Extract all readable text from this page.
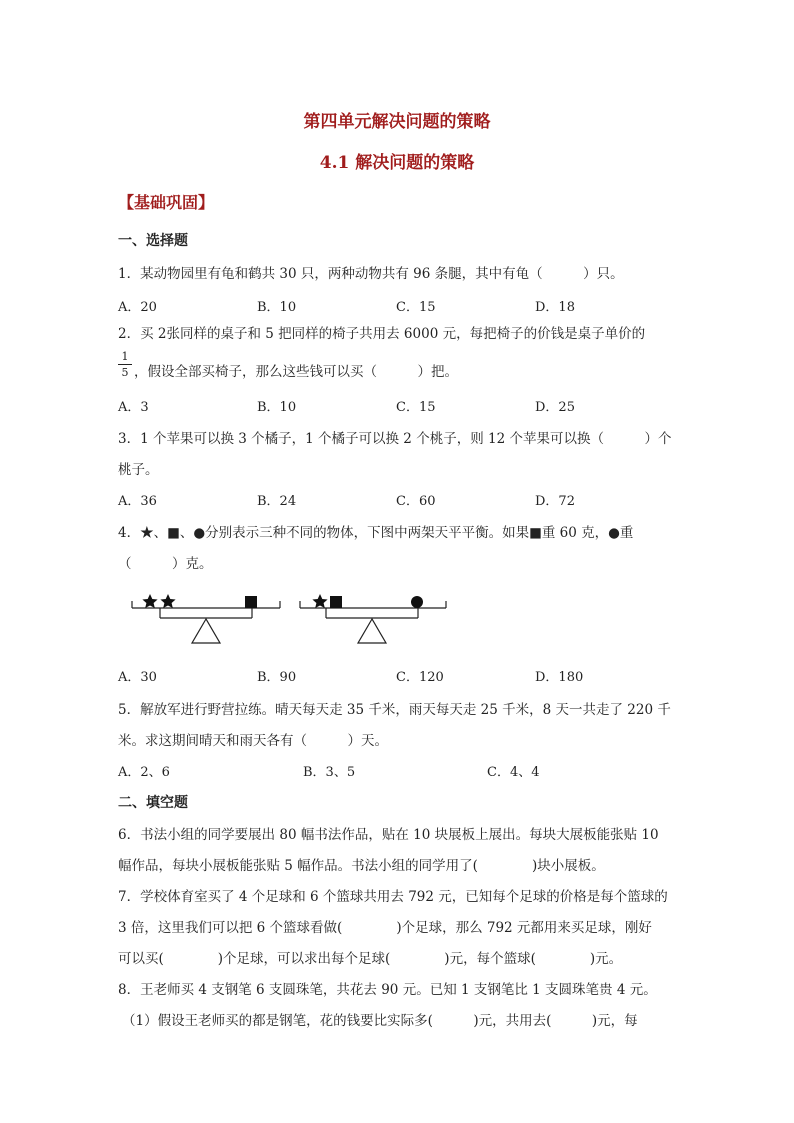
第四单元解决问题的策略
4.1 解决问题的策略
【基础巩固】
一、选择题
1．某动物园里有龟和鹤共 30 只，两种动物共有 96 条腿，其中有龟（　　　）只。
A．20	B．10	C．15	D．18
2．买 2张同样的桌子和 5 把同样的椅子共用去 6000 元，每把椅子的价钱是桌子单价的
1
5 ，假设全部买椅子，那么这些钱可以买（　　　）把。
A．3	B．10	C．15	D．25
3．1 个苹果可以换 3 个橘子，1 个橘子可以换 2 个桃子，则 12 个苹果可以换（　　　）个
桃子。
A．36	B．24	C．60	D．72
4．★、■、●分别表示三种不同的物体，下图中两架天平平衡。如果■重 60 克，●重
（　　　）克。
A．30	B．90	C．120	D．180
5．解放军进行野营拉练。晴天每天走 35 千米，雨天每天走 25 千米，8 天一共走了 220 千
米。求这期间晴天和雨天各有（　　　）天。
A．2、6	B．3、5	C．4、4
二、填空题
6．书法小组的同学要展出 80 幅书法作品，贴在 10 块展板上展出。每块大展板能张贴 10
幅作品，每块小展板能张贴 5 幅作品。书法小组的同学用了(　　　　)块小展板。
7．学校体育室买了 4 个足球和 6 个篮球共用去 792 元，已知每个足球的价格是每个篮球的
3 倍，这里我们可以把 6 个篮球看做(　　　　)个足球，那么 792 元都用来买足球，刚好
可以买(　　　　)个足球，可以求出每个足球(　　　　)元，每个篮球(　　　　)元。
8．王老师买 4 支钢笔 6 支圆珠笔，共花去 90 元。已知 1 支钢笔比 1 支圆珠笔贵 4 元。
（1）假设王老师买的都是钢笔，花的钱要比实际多(　　　)元，共用去(　　　)元，每
